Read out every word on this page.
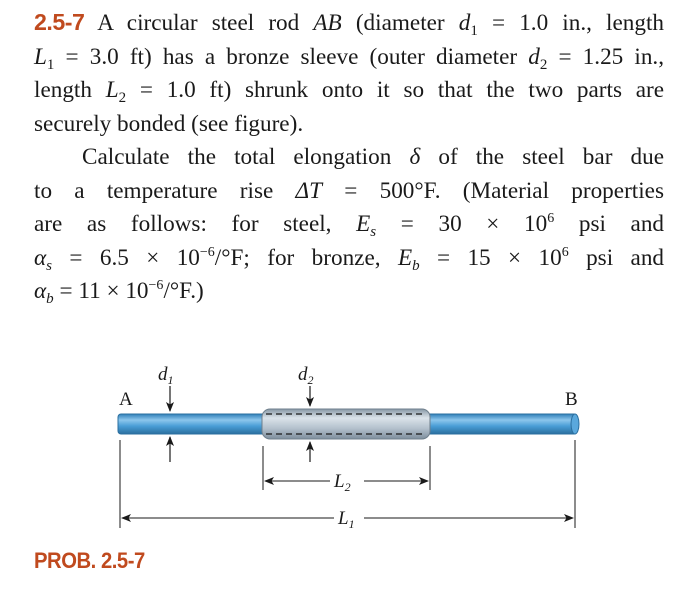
2.5-7 A circular steel rod AB (diameter $d_1 = 1.0$ in., length
$L_1 = 3.0$ ft) has a bronze sleeve (outer diameter $d_2 = 1.25$ in.,
length $L_2 = 1.0$ ft) shrunk onto it so that the two parts are
securely bonded (see figure).
Calculate the total elongation δ of the steel bar due
to a temperature rise ΔT = 500°F. (Material properties
are as follows: for steel, $E_s = 30 \times 10^6$ psi and
$\alpha_s = 6.5 \times 10^{-6}/^\circ F$; for bronze, $E_b = 15 \times 10^6$ psi and
$\alpha_b = 11 \times 10^{-6}/^\circ F$.)
A	B
$d_1$	$d_2$
$L_2$
$L_1$
PROB. 2.5-7
